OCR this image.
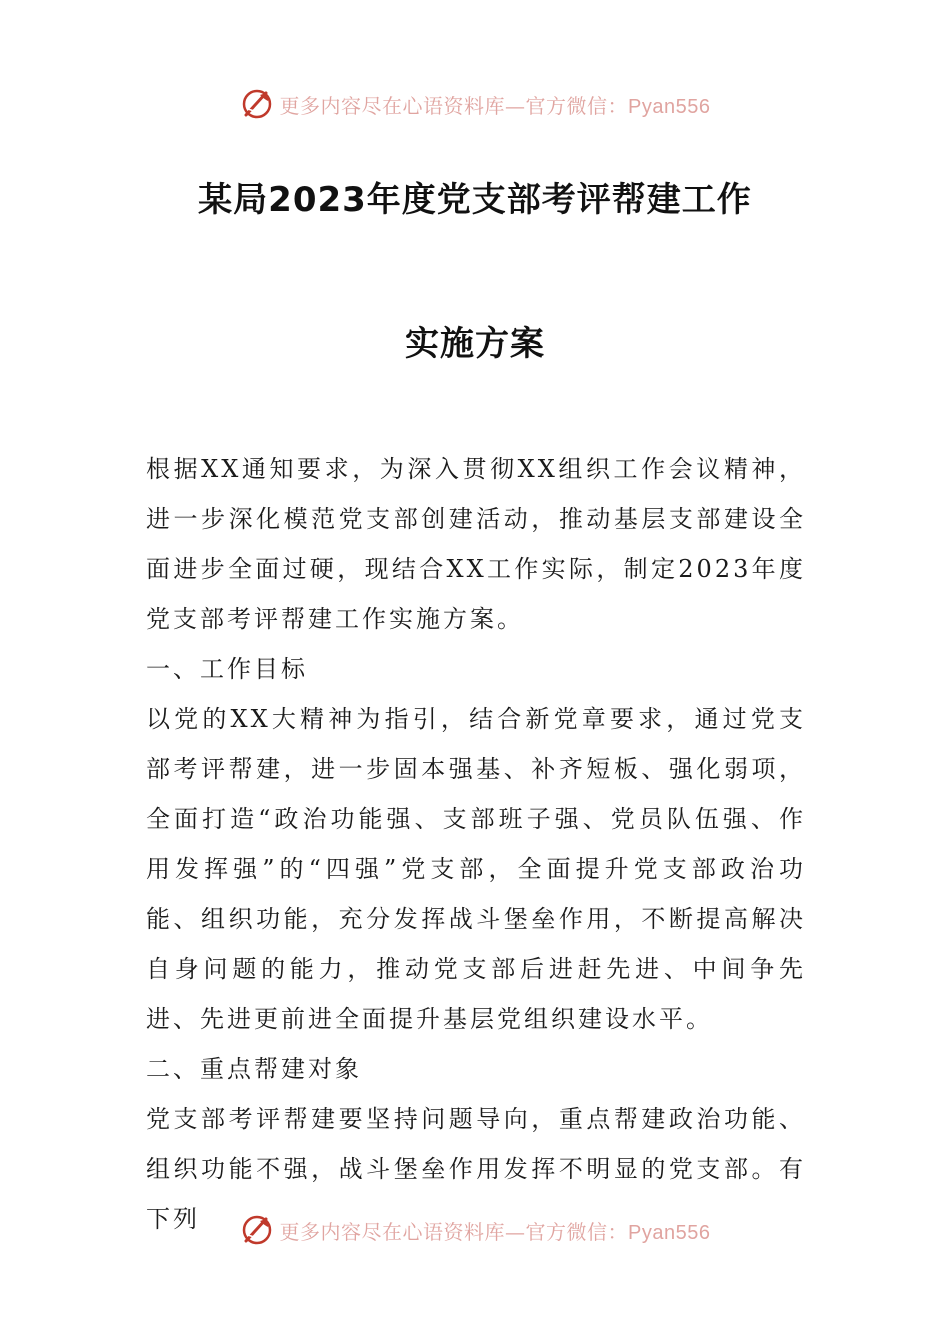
更多内容尽在心语资料库—官方微信：Pyan556
某局2023年度党支部考评帮建工作
实施方案

根据XX通知要求，为深入贯彻XX组织工作会议精神，进一步深化模范党支部创建活动，推动基层支部建设全面进步全面过硬，现结合XX工作实际，制定2023年度党支部考评帮建工作实施方案。

一、工作目标

以党的XX大精神为指引，结合新党章要求，通过党支部考评帮建，进一步固本强基、补齐短板、强化弱项，全面打造“政治功能强、支部班子强、党员队伍强、作用发挥强”的“四强”党支部，全面提升党支部政治功能、组织功能，充分发挥战斗堡垒作用，不断提高解决自身问题的能力，推动党支部后进赶先进、中间争先进、先进更前进全面提升基层党组织建设水平。

二、重点帮建对象

党支部考评帮建要坚持问题导向，重点帮建政治功能、组织功能不强，战斗堡垒作用发挥不明显的党支部。有下列	更多内容尽在心语资料库—官方微信：Pyan556
